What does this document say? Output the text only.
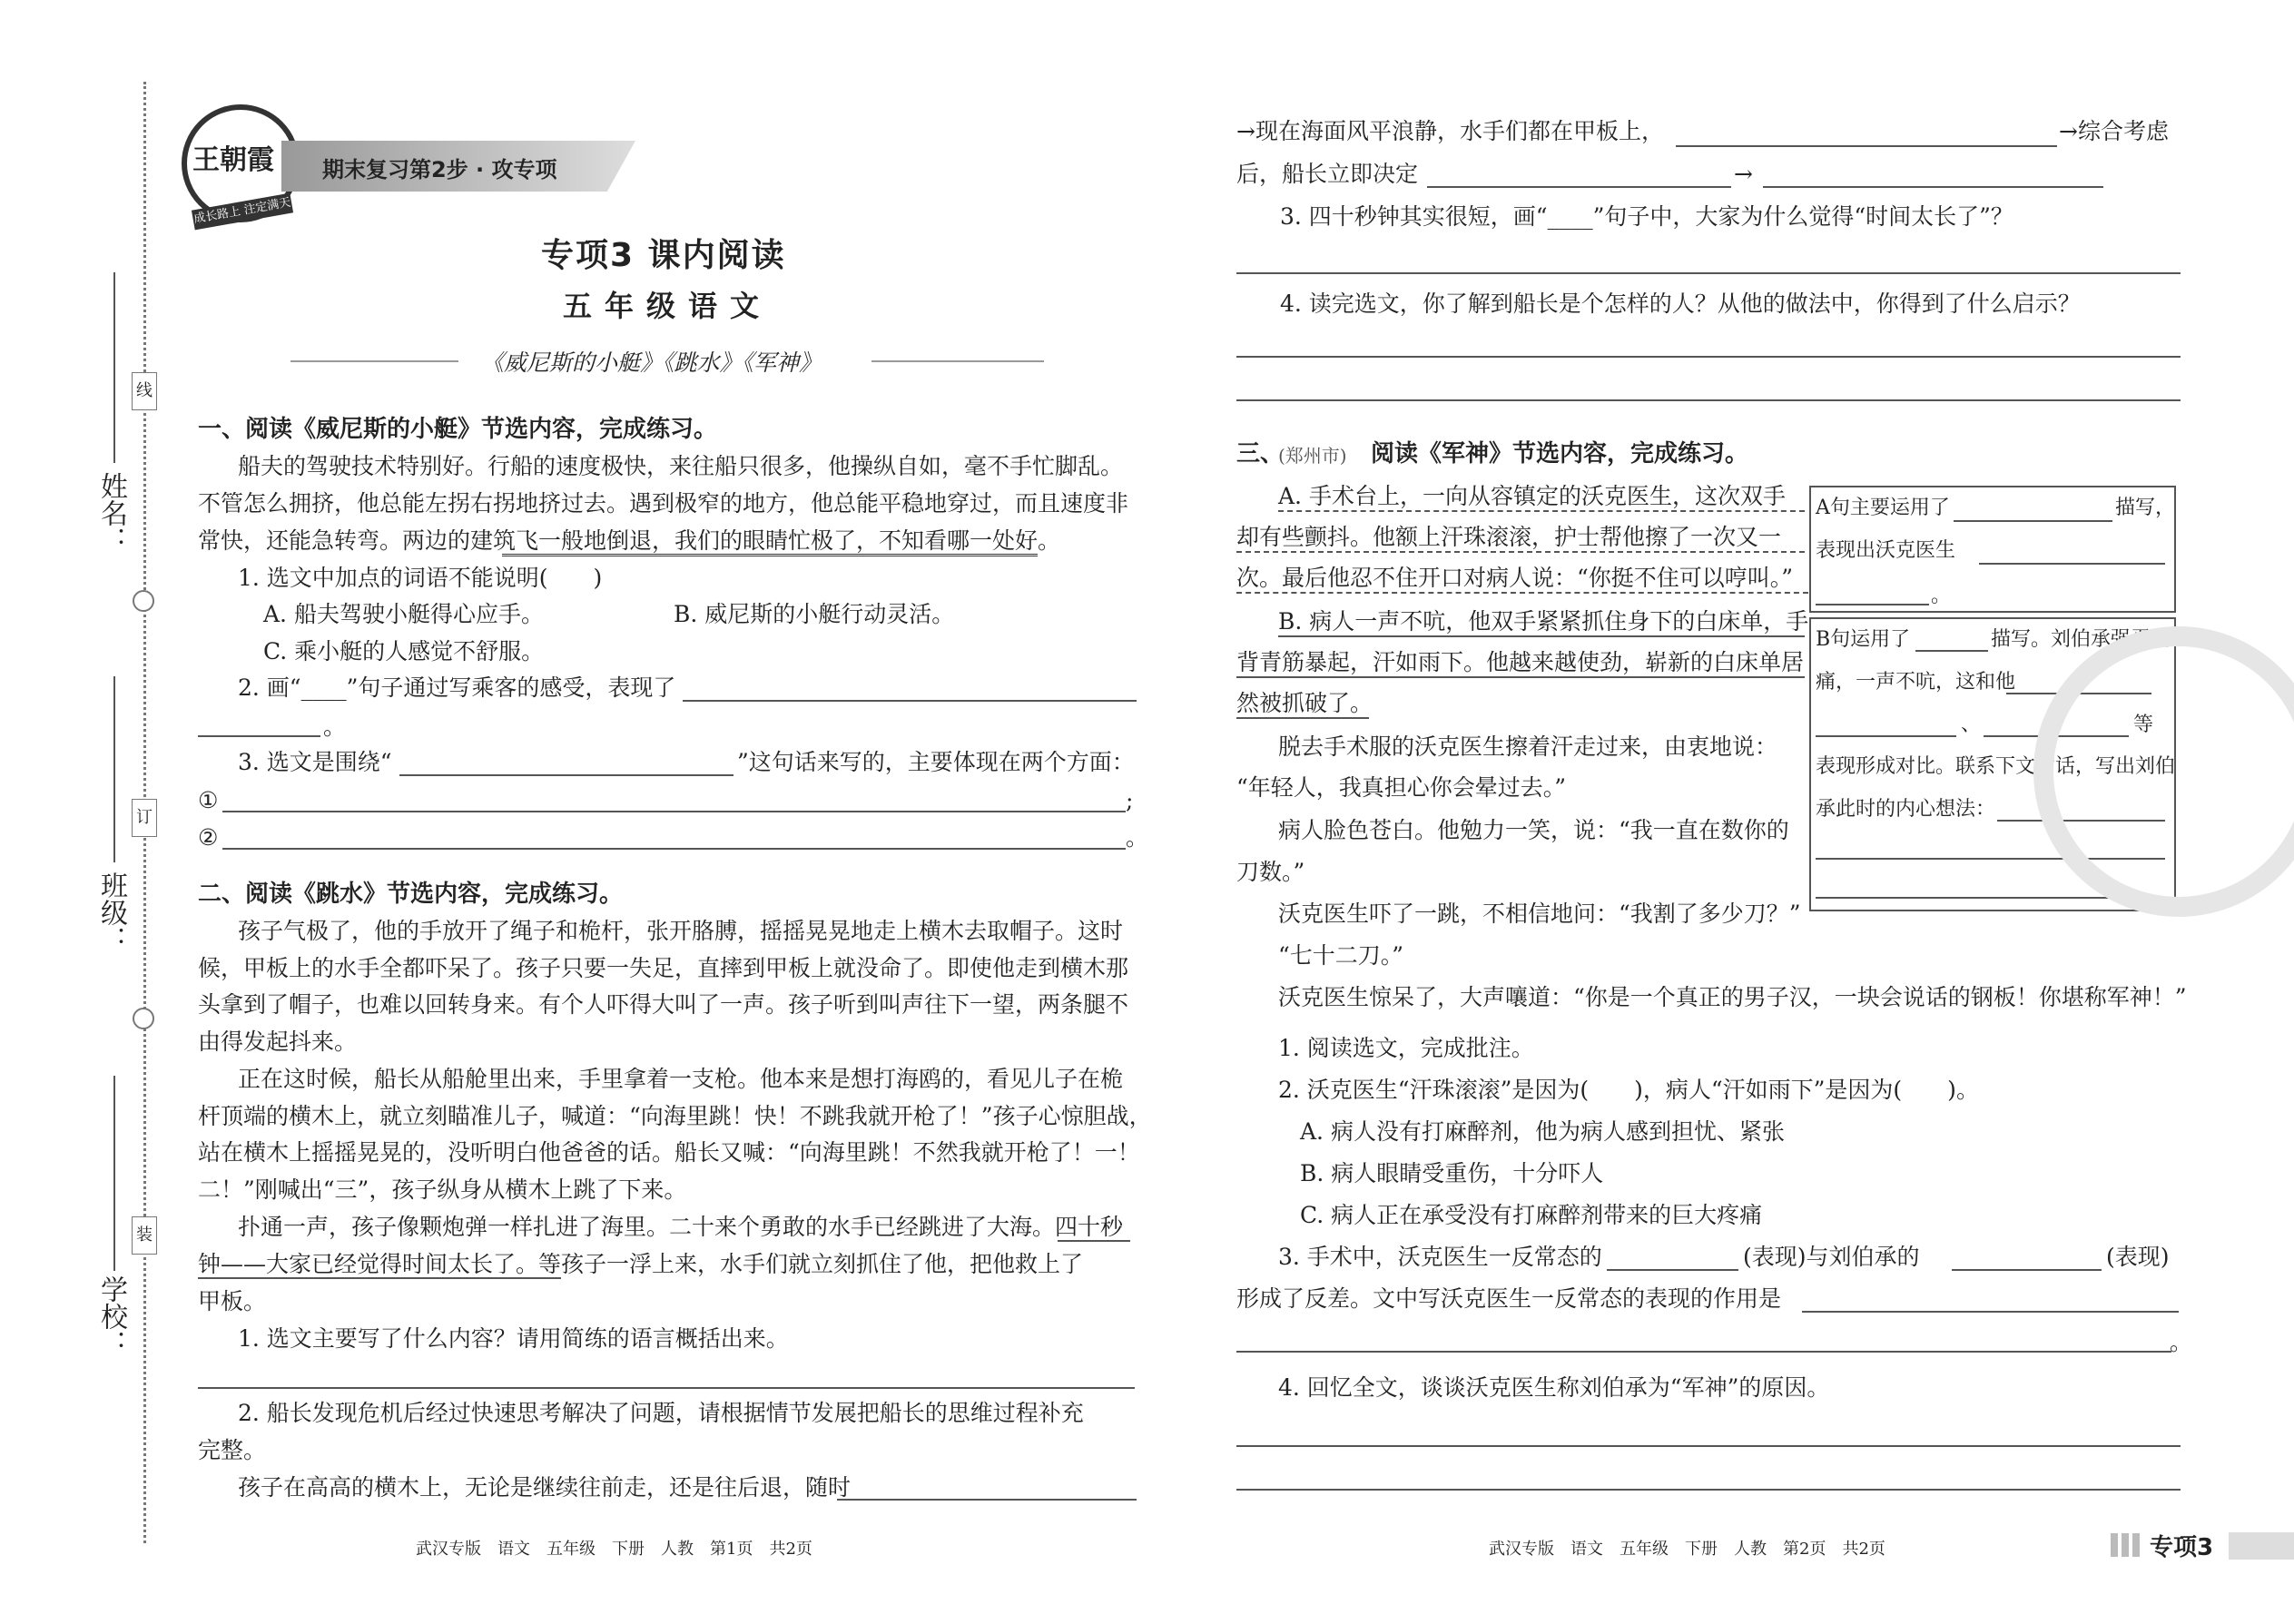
姓名：
班级：
学校：
线
订
装
王朝霞
成长路上 注定满天
期末复习第2步 · 攻专项
专项3 课内阅读
五年级语文
《威尼斯的小艇》《跳水》《军神》
一、阅读《威尼斯的小艇》节选内容，完成练习。
船夫的驾驶技术特别好。行船的速度极快，来往船只很多，他操纵自如，毫不手忙脚乱。
不管怎么拥挤，他总能左拐右拐地挤过去。遇到极窄的地方，他总能平稳地穿过，而且速度非
常快，还能急转弯。两边的建筑飞一般地倒退，我们的眼睛忙极了，不知看哪一处好。
1. 选文中加点的词语不能说明(　　)
A. 船夫驾驶小艇得心应手。	B. 威尼斯的小艇行动灵活。
C. 乘小艇的人感觉不舒服。
2. 画“____”句子通过写乘客的感受，表现了
。
3. 选文是围绕“	”这句话来写的，主要体现在两个方面：
①	;
②	。
二、阅读《跳水》节选内容，完成练习。
孩子气极了，他的手放开了绳子和桅杆，张开胳膊，摇摇晃晃地走上横木去取帽子。这时
候，甲板上的水手全都吓呆了。孩子只要一失足，直摔到甲板上就没命了。即使他走到横木那
头拿到了帽子，也难以回转身来。有个人吓得大叫了一声。孩子听到叫声往下一望，两条腿不
由得发起抖来。
正在这时候，船长从船舱里出来，手里拿着一支枪。他本来是想打海鸥的，看见儿子在桅
杆顶端的横木上，就立刻瞄准儿子，喊道：“向海里跳！快！不跳我就开枪了！”孩子心惊胆战，
站在横木上摇摇晃晃的，没听明白他爸爸的话。船长又喊：“向海里跳！不然我就开枪了！一！
二！”刚喊出“三”，孩子纵身从横木上跳了下来。
扑通一声，孩子像颗炮弹一样扎进了海里。二十来个勇敢的水手已经跳进了大海。四十秒
钟——大家已经觉得时间太长了。等孩子一浮上来，水手们就立刻抓住了他，把他救上了
甲板。
1. 选文主要写了什么内容？请用简练的语言概括出来。
2. 船长发现危机后经过快速思考解决了问题，请根据情节发展把船长的思维过程补充
完整。
孩子在高高的横木上，无论是继续往前走，还是往后退，随时
武汉专版　语文　五年级　下册　人教　第1页　共2页
→现在海面风平浪静，水手们都在甲板上，	→综合考虑
后，船长立即决定	→
3. 四十秒钟其实很短，画“____”句子中，大家为什么觉得“时间太长了”？
4. 读完选文，你了解到船长是个怎样的人？从他的做法中，你得到了什么启示？
三、
(郑州市) 阅读《军神》节选内容，完成练习。
A. 手术台上，一向从容镇定的沃克医生，这次双手
却有些颤抖。他额上汗珠滚滚，护士帮他擦了一次又一
次。最后他忍不住开口对病人说：“你挺不住可以哼叫。”
B. 病人一声不吭，他双手紧紧抓住身下的白床单，手
背青筋暴起，汗如雨下。他越来越使劲，崭新的白床单居
然被抓破了。
脱去手术服的沃克医生擦着汗走过来，由衷地说：
“年轻人，我真担心你会晕过去。”
病人脸色苍白。他勉力一笑，说：“我一直在数你的
刀数。”
沃克医生吓了一跳，不相信地问：“我割了多少刀？”
“七十二刀。”
沃克医生惊呆了，大声嚷道：“你是一个真正的男子汉，一块会说话的钢板！你堪称军神！”
A句主要运用了	描写，
表现出沃克医生
。
B句运用了	描写。刘伯承强忍剧
痛，一声不吭，这和他
、	等
表现形成对比。联系下文对话，写出刘伯
承此时的内心想法：
1. 阅读选文，完成批注。
2. 沃克医生“汗珠滚滚”是因为(　　)，病人“汗如雨下”是因为(　　)。
A. 病人没有打麻醉剂，他为病人感到担忧、紧张
B. 病人眼睛受重伤，十分吓人
C. 病人正在承受没有打麻醉剂带来的巨大疼痛
3. 手术中，沃克医生一反常态的	(表现)与刘伯承的	(表现)
形成了反差。文中写沃克医生一反常态的表现的作用是
。
4. 回忆全文，谈谈沃克医生称刘伯承为“军神”的原因。
武汉专版　语文　五年级　下册　人教　第2页　共2页	专项3
